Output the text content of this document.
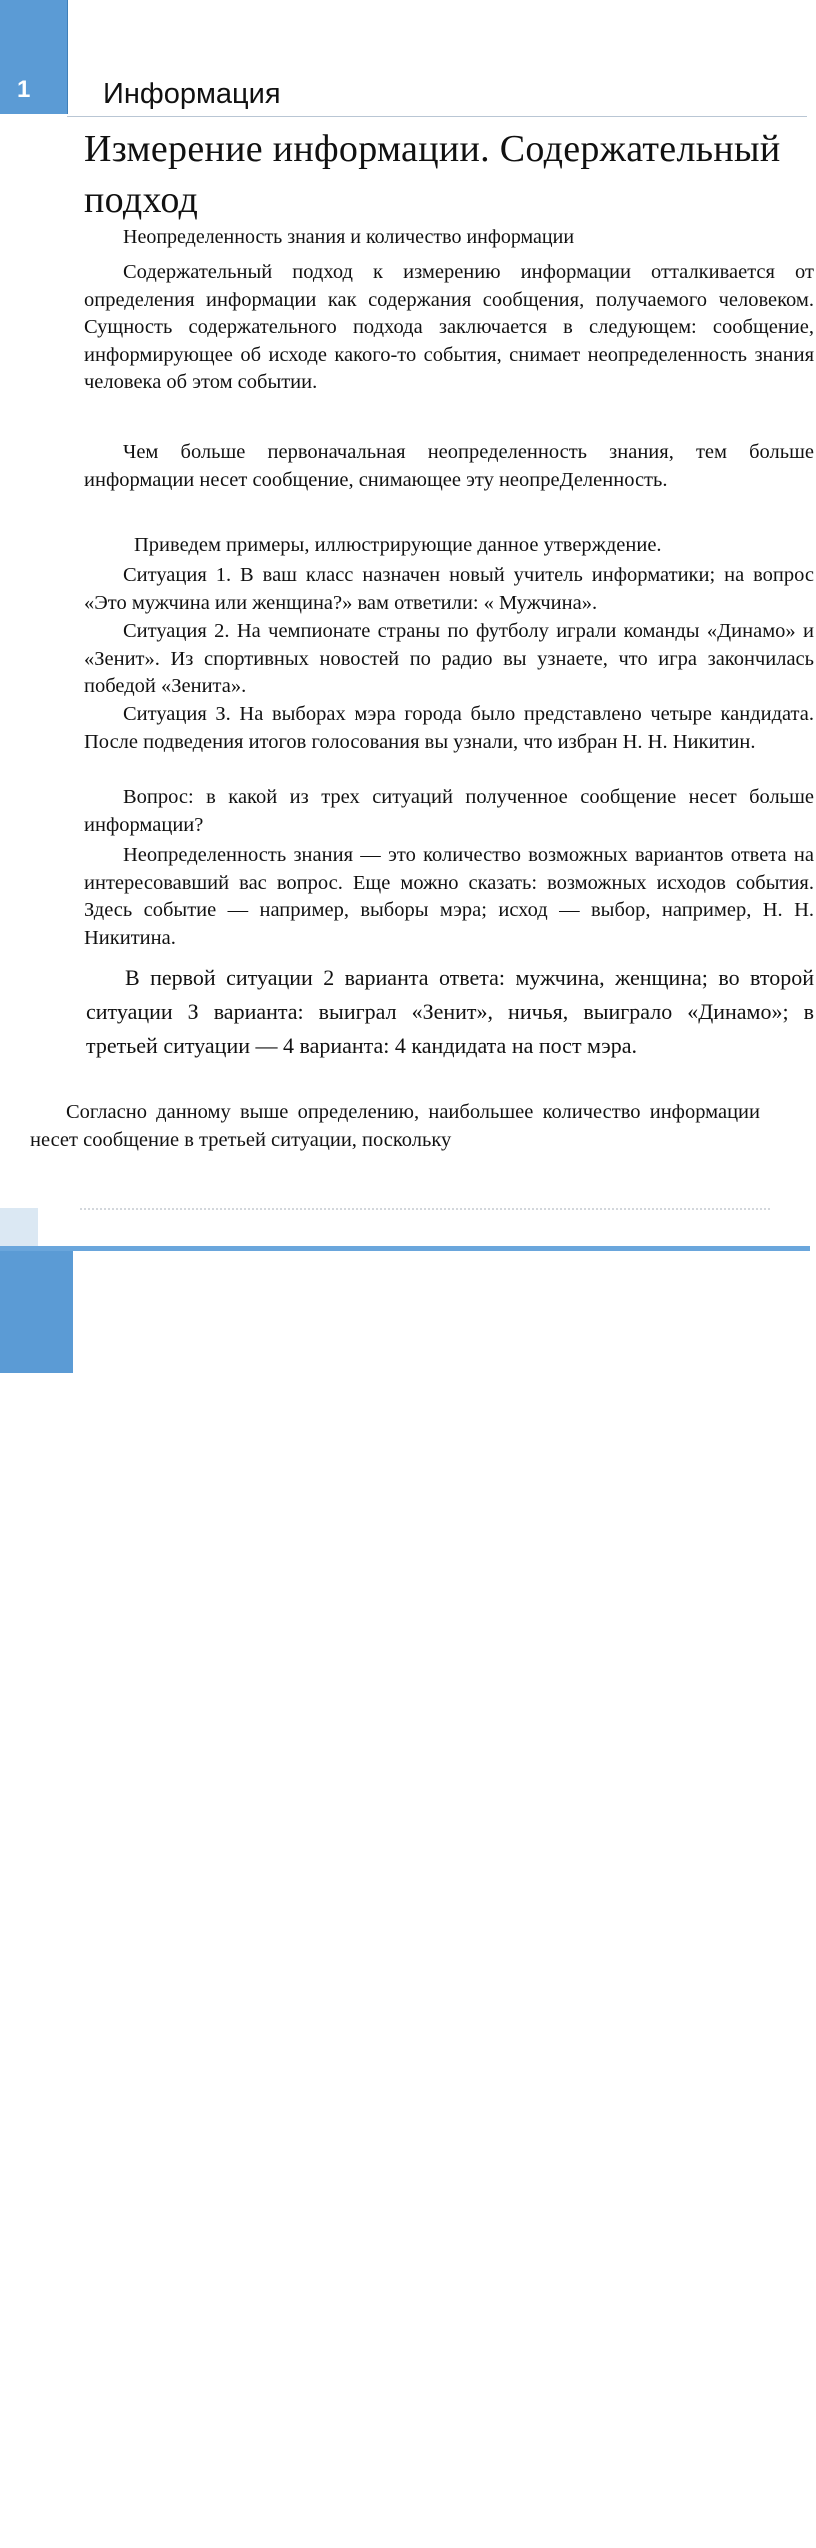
1	Информация
Измерение информации. Содержательный подход
Неопределенность знания и количество информации

Содержательный подход к измерению информации отталкивается от определения информации как содержания сообщения, получаемого человеком. Сущность содержательного подхода заключается в следующем: сообщение, информирующее об исходе какого-то события, снимает неопределенность знания человека об этом событии.

Чем больше первоначальная неопределенность знания, тем больше информации несет сообщение, снимающее эту неопреДеленность.

Приведем примеры, иллюстрирующие данное утверждение.

Ситуация 1. В ваш класс назначен новый учитель информатики; на вопрос «Это мужчина или женщина?» вам ответили: « Мужчина».

Ситуация 2. На чемпионате страны по футболу играли команды «Динамо» и «Зенит». Из спортивных новостей по радио вы узнаете, что игра закончилась победой «Зенита».

Ситуация З. На выборах мэра города было представлено четыре кандидата. После подведения итогов голосования вы узнали, что избран Н. Н. Никитин.

Вопрос: в какой из трех ситуаций полученное сообщение несет больше информации?

Неопределенность знания — это количество возможных вариантов ответа на интересовавший вас вопрос. Еще можно сказать: возможных исходов события. Здесь событие — например, выборы мэра; исход — выбор, например, Н. Н. Никитина.

В первой ситуации 2 варианта ответа: мужчина, женщина; во второй ситуации З варианта: выиграл «Зенит», ничья, выиграло «Динамо»; в третьей ситуации — 4 варианта: 4 кандидата на пост мэра.

Согласно данному выше определению, наибольшее количество информации несет сообщение в третьей ситуации, поскольку

26
